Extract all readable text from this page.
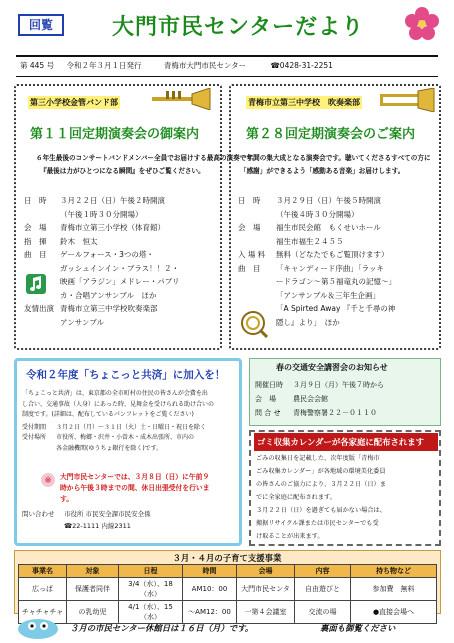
回覧	大門市民センターだより
第 445 号 令和２年３月１日発行	青梅市大門市民センター	☎0428-31-2251
第三小学校金管バンド部
第１１回定期演奏会の御案内
６年生最後のコンサートバンドメンバー全員でお届けする最高の演奏です。
『最後は力がひとつになる瞬間』をぜひご覧ください。
日　時 ３月２２日（日）午後２時開演
（午後１時３０分開場）
会　場 青梅市立第三小学校（体育館）
指　揮 鈴木　恒太
曲　目 ゲールフォース・3つの塔・
ガッシュインイン・ブラス！！２・
映画「アラジン」メドレー・パブリ
カ・合唱アンサンブル　ほか
友情出演 青梅市立第三中学校吹奏楽部
アンサンブル
青梅市立第三中学校　吹奏楽部
第２８回定期演奏会のご案内
一年間の集大成となる演奏会です。聴いてくださるすべての方に
「感謝」ができるよう「感動ある音楽」お届けします。
日　時 ３月２９日（日）午後５時開演
（午後４時３０分開場）
会　場 福生市民会館　もくせいホール
福生市福生２４５５
入 場 料 無料（どなたでもご覧頂けます）
曲　目 「キャンディード序曲」「ラッキ
ードラゴン～第５福竜丸の記憶～」
「アンサンブル＆三年生企画」
「A Spirted Away 『千と千尋の神
隠し』より」　ほか
令和２年度「ちょこっと共済」に加入を！
「ちょこっと共済」は、東京都の全市町村の住民の皆さんが会費を出
し合い、交通事故（人身）にあった時、見舞金を受けられる助け合いの
制度です。(詳細は、配布しているパンフレットをご覧ください)
受付期間 ３月２日（月）～３１日（火）土・日曜日・祝日を除く
受付場所 市役所、梅郷・沢井・小曽木・成木出張所、市内の
各金融機関(ゆうちょ銀行を除く)です。
※ 大門市民センターでは、３月８日（日）に午前９
時から午後３時までの間、休日出張受付を行いま
す。
問い合わせ 市役所 市民安全課市民安全係
☎22-1111 内線2311
春の交通安全講習会のお知らせ
開催日時 ３月９日（月）午後７時から
会　場 農民会会館
問 合 せ 青梅警察署２２－０１１０
ゴミ収集カレンダーが各家庭に配布されます
ごみの収集日を記載した、次年度版「青梅市
ごみ収集カレンダー」が各地域の環境美化委員
の皆さんのご協力により、３月２２日（日）ま
でに全家庭に配布されます。
３月２２日（日）を過ぎても届かない場合は、
搬据リサイクル課または市民センターでも受
け取ることが出来ます。
３月・４月の子育て支援事業
事業名	対象	日程	時間	会場	内容	持ち物など
広っぱ	保護者同伴	3/4（水）、18（水）	AM10：00	大門市民センタ	自由遊びと	参加費　無料
チャチャチャ	の乳幼児	4/1（水）、15（水）	～AM12：00	一第４会議室	交流の場	●直接会場へ
３月の市民センター休館日は１６日（月）です。	裏面も御覧ください
